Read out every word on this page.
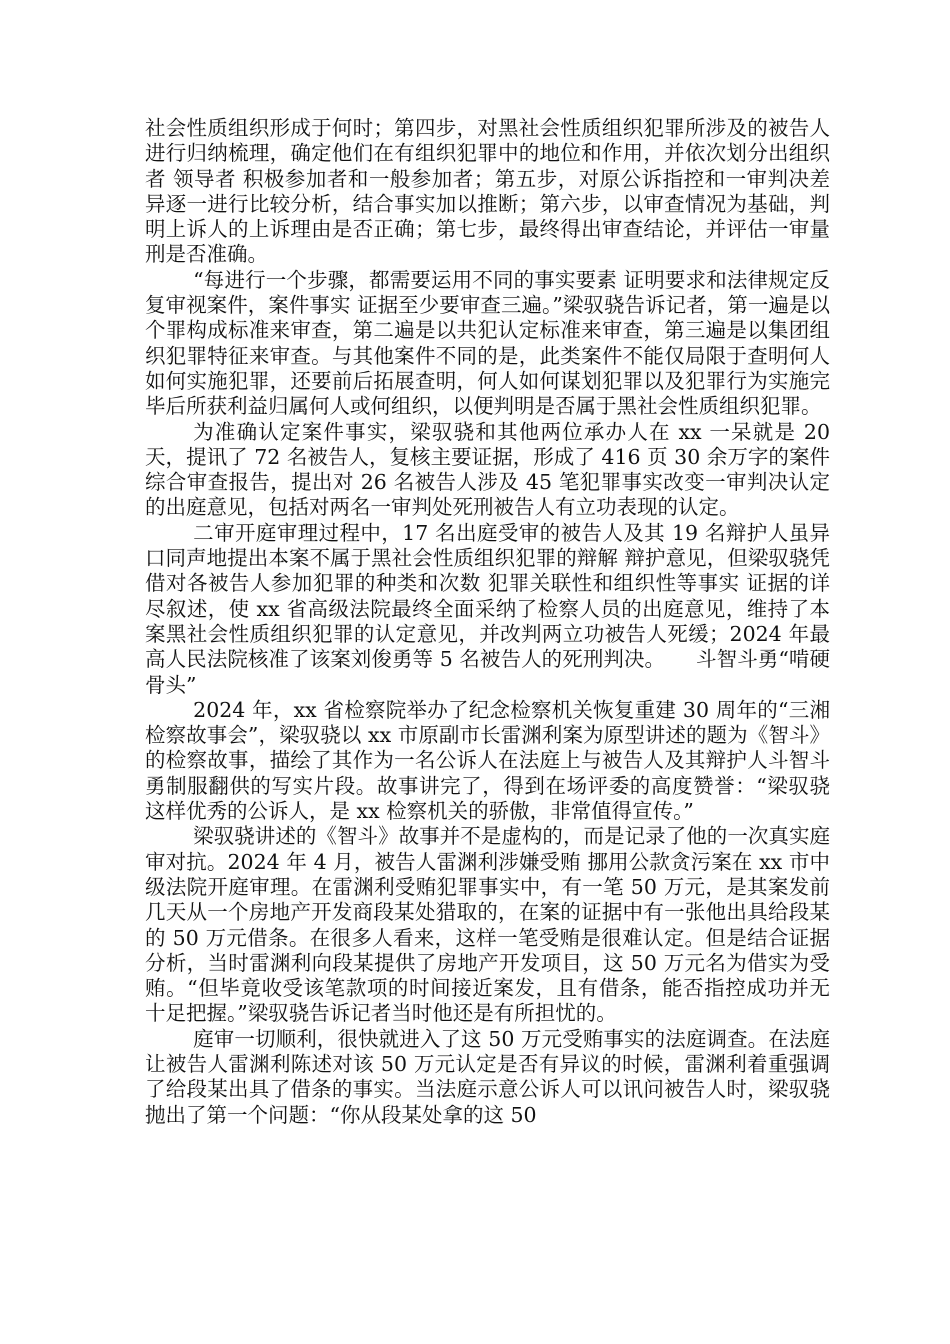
社会性质组织形成于何时；第四步，对黑社会性质组织犯罪所涉及的被告人进行归纳梳理，确定他们在有组织犯罪中的地位和作用，并依次划分出组织者 领导者 积极参加者和一般参加者；第五步，对原公诉指控和一审判决差异逐一进行比较分析，结合事实加以推断；第六步，以审查情况为基础，判明上诉人的上诉理由是否正确；第七步，最终得出审查结论，并评估一审量刑是否准确。

“每进行一个步骤，都需要运用不同的事实要素 证明要求和法律规定反复审视案件，案件事实 证据至少要审查三遍。”梁驭骁告诉记者，第一遍是以个罪构成标准来审查，第二遍是以共犯认定标准来审查，第三遍是以集团组织犯罪特征来审查。与其他案件不同的是，此类案件不能仅局限于查明何人如何实施犯罪，还要前后拓展查明，何人如何谋划犯罪以及犯罪行为实施完毕后所获利益归属何人或何组织，以便判明是否属于黑社会性质组织犯罪。

为准确认定案件事实，梁驭骁和其他两位承办人在 xx 一呆就是 20 天，提讯了 72 名被告人，复核主要证据，形成了 416 页 30 余万字的案件综合审查报告，提出对 26 名被告人涉及 45 笔犯罪事实改变一审判决认定的出庭意见，包括对两名一审判处死刑被告人有立功表现的认定。

二审开庭审理过程中，17 名出庭受审的被告人及其 19 名辩护人虽异口同声地提出本案不属于黑社会性质组织犯罪的辩解 辩护意见，但梁驭骁凭借对各被告人参加犯罪的种类和次数 犯罪关联性和组织性等事实 证据的详尽叙述，使 xx 省高级法院最终全面采纳了检察人员的出庭意见，维持了本案黑社会性质组织犯罪的认定意见，并改判两立功被告人死缓；2024 年最高人民法院核准了该案刘俊勇等 5 名被告人的死刑判决。　　斗智斗勇“啃硬骨头”

2024 年，xx 省检察院举办了纪念检察机关恢复重建 30 周年的“三湘检察故事会”，梁驭骁以 xx 市原副市长雷渊利案为原型讲述的题为《智斗》的检察故事，描绘了其作为一名公诉人在法庭上与被告人及其辩护人斗智斗勇制服翻供的写实片段。故事讲完了，得到在场评委的高度赞誉：“梁驭骁这样优秀的公诉人，是 xx 检察机关的骄傲，非常值得宣传。”

梁驭骁讲述的《智斗》故事并不是虚构的，而是记录了他的一次真实庭审对抗。2024 年 4 月，被告人雷渊利涉嫌受贿 挪用公款贪污案在 xx 市中级法院开庭审理。在雷渊利受贿犯罪事实中，有一笔 50 万元，是其案发前几天从一个房地产开发商段某处猎取的，在案的证据中有一张他出具给段某的 50 万元借条。在很多人看来，这样一笔受贿是很难认定。但是结合证据分析，当时雷渊利向段某提供了房地产开发项目，这 50 万元名为借实为受贿。“但毕竟收受该笔款项的时间接近案发，且有借条，能否指控成功并无十足把握。”梁驭骁告诉记者当时他还是有所担忧的。

庭审一切顺利，很快就进入了这 50 万元受贿事实的法庭调查。在法庭让被告人雷渊利陈述对该 50 万元认定是否有异议的时候，雷渊利着重强调了给段某出具了借条的事实。当法庭示意公诉人可以讯问被告人时，梁驭骁抛出了第一个问题：“你从段某处拿的这 50
